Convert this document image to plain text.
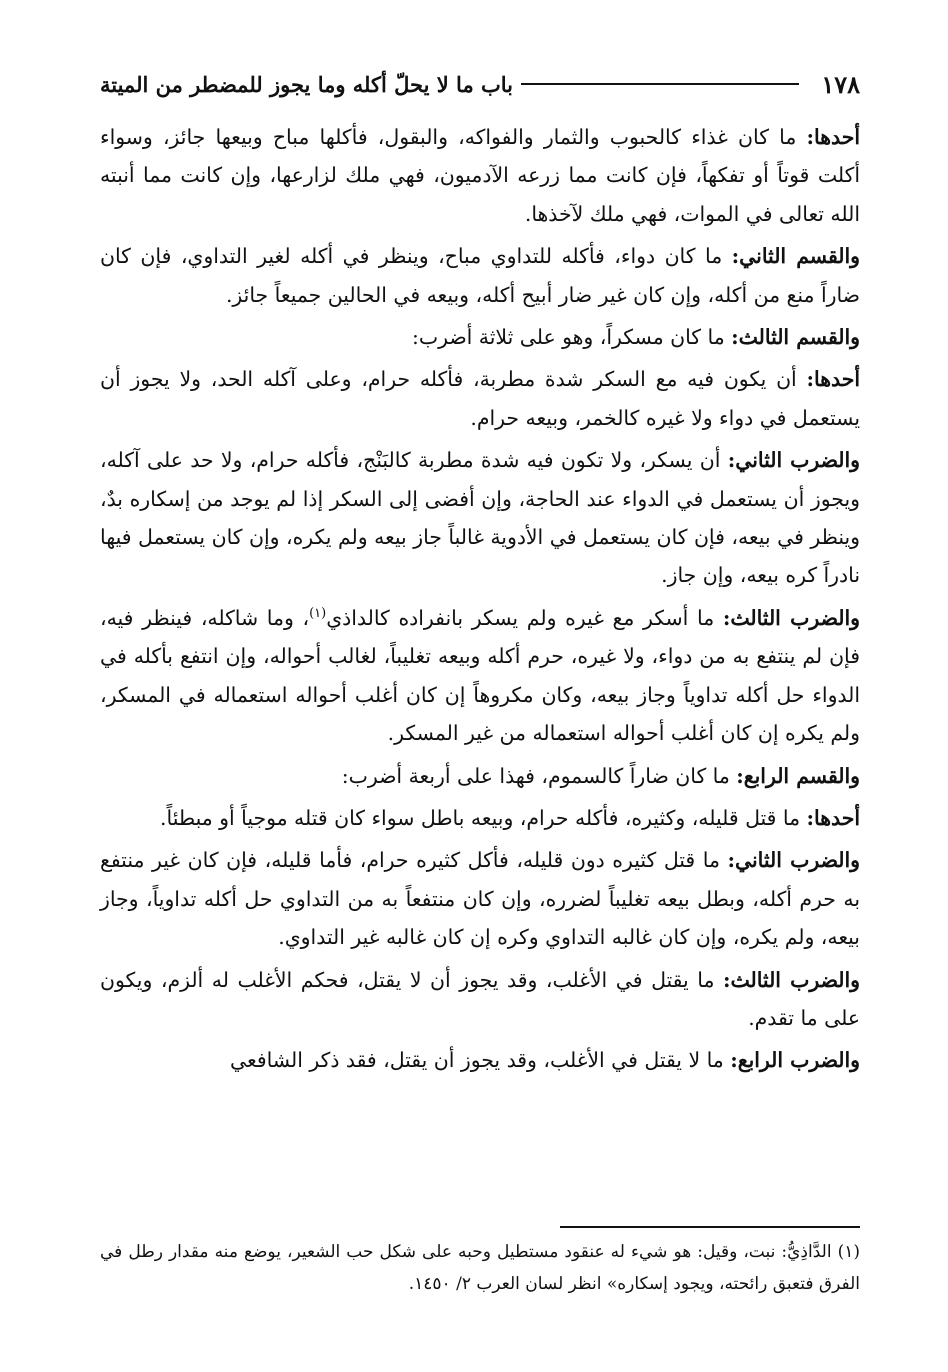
١٧٨
باب ما لا يحلّ أكله وما يجوز للمضطر من الميتة

أحدها: ما كان غذاء كالحبوب والثمار والفواكه، والبقول، فأكلها مباح وبيعها جائز، وسواء أكلت قوتاً أو تفكهاً، فإن كانت مما زرعه الآدميون، فهي ملك لزارعها، وإن كانت مما أنبته الله تعالى في الموات، فهي ملك لآخذها.

والقسم الثاني: ما كان دواء، فأكله للتداوي مباح، وينظر في أكله لغير التداوي، فإن كان ضاراً منع من أكله، وإن كان غير ضار أبيح أكله، وبيعه في الحالين جميعاً جائز.

والقسم الثالث: ما كان مسكراً، وهو على ثلاثة أضرب:

أحدها: أن يكون فيه مع السكر شدة مطربة، فأكله حرام، وعلى آكله الحد، ولا يجوز أن يستعمل في دواء ولا غيره كالخمر، وبيعه حرام.

والضرب الثاني: أن يسكر، ولا تكون فيه شدة مطربة كالبَنْج، فأكله حرام، ولا حد على آكله، ويجوز أن يستعمل في الدواء عند الحاجة، وإن أفضى إلى السكر إذا لم يوجد من إسكاره بدٌ، وينظر في بيعه، فإن كان يستعمل في الأدوية غالباً جاز بيعه ولم يكره، وإن كان يستعمل فيها نادراً كره بيعه، وإن جاز.

والضرب الثالث: ما أسكر مع غيره ولم يسكر بانفراده كالداذي$^{(١)}$، وما شاكله، فينظر فيه، فإن لم ينتفع به من دواء، ولا غيره، حرم أكله وبيعه تغليباً، لغالب أحواله، وإن انتفع بأكله في الدواء حل أكله تداوياً وجاز بيعه، وكان مكروهاً إن كان أغلب أحواله استعماله في المسكر، ولم يكره إن كان أغلب أحواله استعماله من غير المسكر.

والقسم الرابع: ما كان ضاراً كالسموم، فهذا على أربعة أضرب:

أحدها: ما قتل قليله، وكثيره، فأكله حرام، وبيعه باطل سواء كان قتله موجياً أو مبطئاً.

والضرب الثاني: ما قتل كثيره دون قليله، فأكل كثيره حرام، فأما قليله، فإن كان غير منتفع به حرم أكله، وبطل بيعه تغليباً لضرره، وإن كان منتفعاً به من التداوي حل أكله تداوياً، وجاز بيعه، ولم يكره، وإن كان غالبه التداوي وكره إن كان غالبه غير التداوي.

والضرب الثالث: ما يقتل في الأغلب، وقد يجوز أن لا يقتل، فحكم الأغلب له ألزم، ويكون على ما تقدم.

والضرب الرابع: ما لا يقتل في الأغلب، وقد يجوز أن يقتل، فقد ذكر الشافعي

(١) الدَّاذِيُّ: نبت، وقيل: هو شيء له عنقود مستطيل وحبه على شكل حب الشعير، يوضع منه مقدار رطل في الفرق فتعبق رائحته، ويجود إسكاره» انظر لسان العرب ٢/ ١٤٥٠.
